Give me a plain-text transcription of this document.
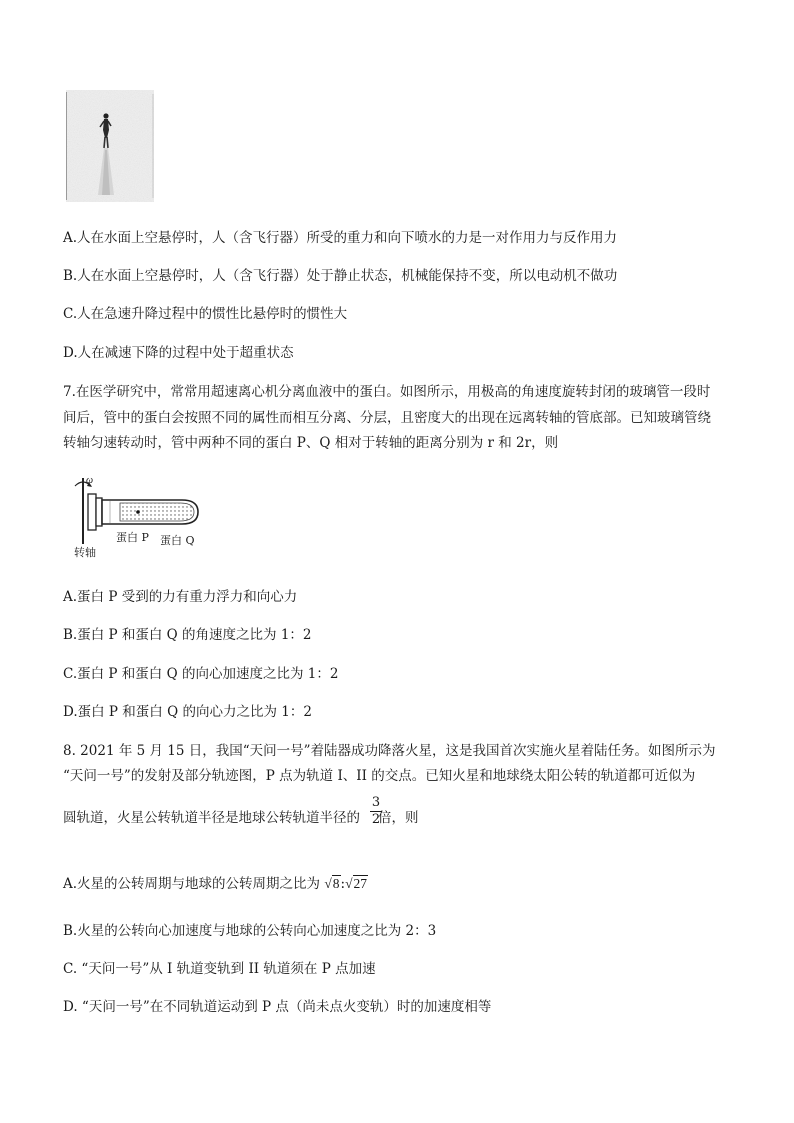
A.人在水面上空悬停时，人（含飞行器）所受的重力和向下喷水的力是一对作用力与反作用力
B.人在水面上空悬停时，人（含飞行器）处于静止状态，机械能保持不变，所以电动机不做功
C.人在急速升降过程中的惯性比悬停时的惯性大
D.人在减速下降的过程中处于超重状态
7.在医学研究中，常常用超速离心机分离血液中的蛋白。如图所示，用极高的角速度旋转封闭的玻璃管一段时
间后，管中的蛋白会按照不同的属性而相互分离、分层，且密度大的出现在远离转轴的管底部。已知玻璃管绕
转轴匀速转动时，管中两种不同的蛋白 P、Q 相对于转轴的距离分别为 r 和 2r，则
ω
转轴
蛋白 P 蛋白 Q
A.蛋白 P 受到的力有重力浮力和向心力
B.蛋白 P 和蛋白 Q 的角速度之比为 1：2
C.蛋白 P 和蛋白 Q 的向心加速度之比为 1：2
D.蛋白 P 和蛋白 Q 的向心力之比为 1：2
8. 2021 年 5 月 15 日，我国“天问一号”着陆器成功降落火星，这是我国首次实施火星着陆任务。如图所示为
“天问一号”的发射及部分轨迹图，P 点为轨道 I、II 的交点。已知火星和地球绕太阳公转的轨道都可近似为
圆轨道，火星公转轨道半径是地球公转轨道半径的 倍，则
3
2
A.火星的公转周期与地球的公转周期之比为 √8:√27
B.火星的公转向心加速度与地球的公转向心加速度之比为 2：3
C. “天问一号”从 I 轨道变轨到 II 轨道须在 P 点加速
D. “天问一号”在不同轨道运动到 P 点（尚未点火变轨）时的加速度相等
